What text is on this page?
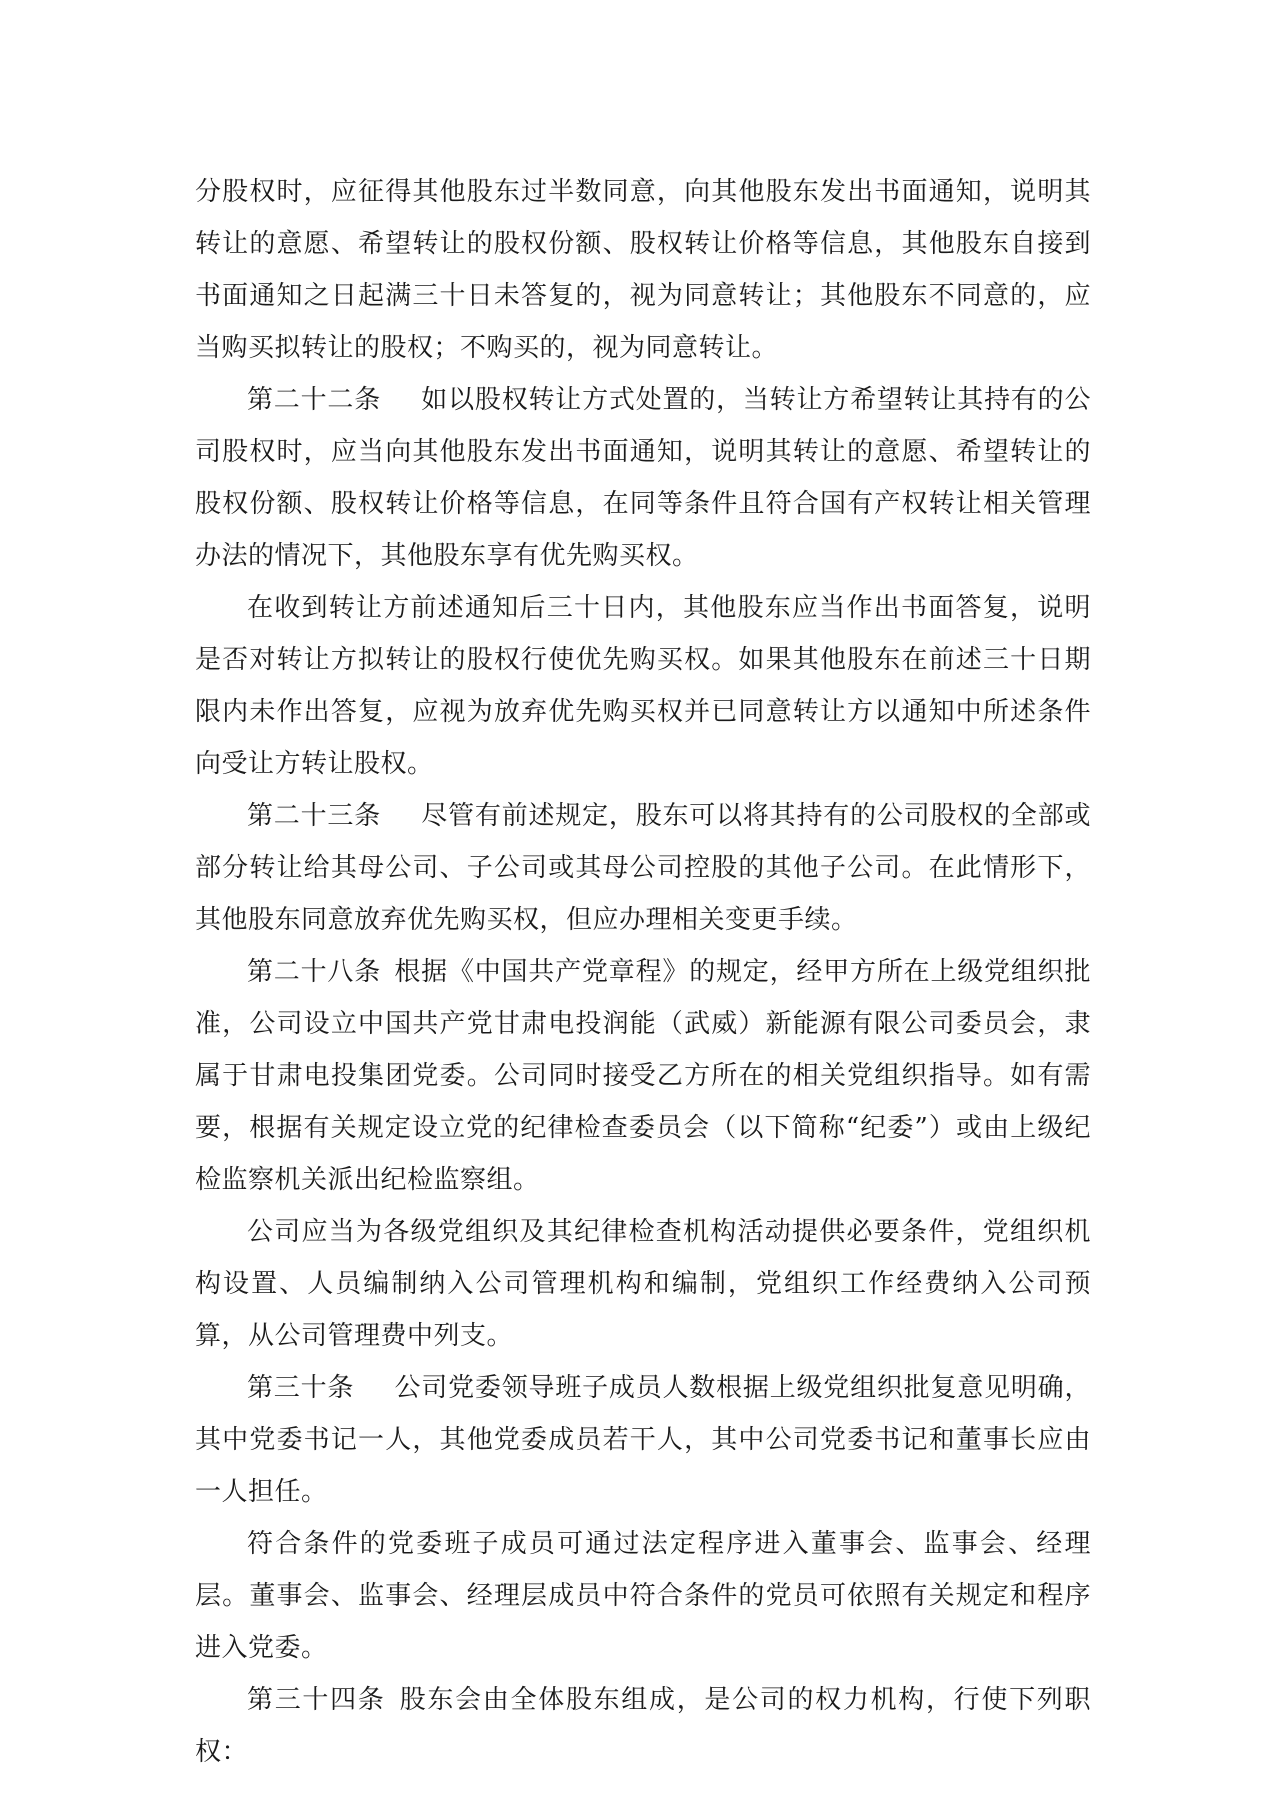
分股权时，应征得其他股东过半数同意，向其他股东发出书面通知，说明其转让的意愿、希望转让的股权份额、股权转让价格等信息，其他股东自接到书面通知之日起满三十日未答复的，视为同意转让；其他股东不同意的，应当购买拟转让的股权；不购买的，视为同意转让。

第二十二条 如以股权转让方式处置的，当转让方希望转让其持有的公司股权时，应当向其他股东发出书面通知，说明其转让的意愿、希望转让的股权份额、股权转让价格等信息，在同等条件且符合国有产权转让相关管理办法的情况下，其他股东享有优先购买权。

在收到转让方前述通知后三十日内，其他股东应当作出书面答复，说明是否对转让方拟转让的股权行使优先购买权。如果其他股东在前述三十日期限内未作出答复，应视为放弃优先购买权并已同意转让方以通知中所述条件向受让方转让股权。

第二十三条 尽管有前述规定，股东可以将其持有的公司股权的全部或部分转让给其母公司、子公司或其母公司控股的其他子公司。在此情形下，其他股东同意放弃优先购买权，但应办理相关变更手续。

第二十八条 根据《中国共产党章程》的规定，经甲方所在上级党组织批准，公司设立中国共产党甘肃电投润能（武威）新能源有限公司委员会，隶属于甘肃电投集团党委。公司同时接受乙方所在的相关党组织指导。如有需要，根据有关规定设立党的纪律检查委员会（以下简称“纪委”）或由上级纪检监察机关派出纪检监察组。

公司应当为各级党组织及其纪律检查机构活动提供必要条件，党组织机构设置、人员编制纳入公司管理机构和编制，党组织工作经费纳入公司预算，从公司管理费中列支。

第三十条 公司党委领导班子成员人数根据上级党组织批复意见明确，其中党委书记一人，其他党委成员若干人，其中公司党委书记和董事长应由一人担任。

符合条件的党委班子成员可通过法定程序进入董事会、监事会、经理层。董事会、监事会、经理层成员中符合条件的党员可依照有关规定和程序进入党委。

第三十四条 股东会由全体股东组成，是公司的权力机构，行使下列职权：
